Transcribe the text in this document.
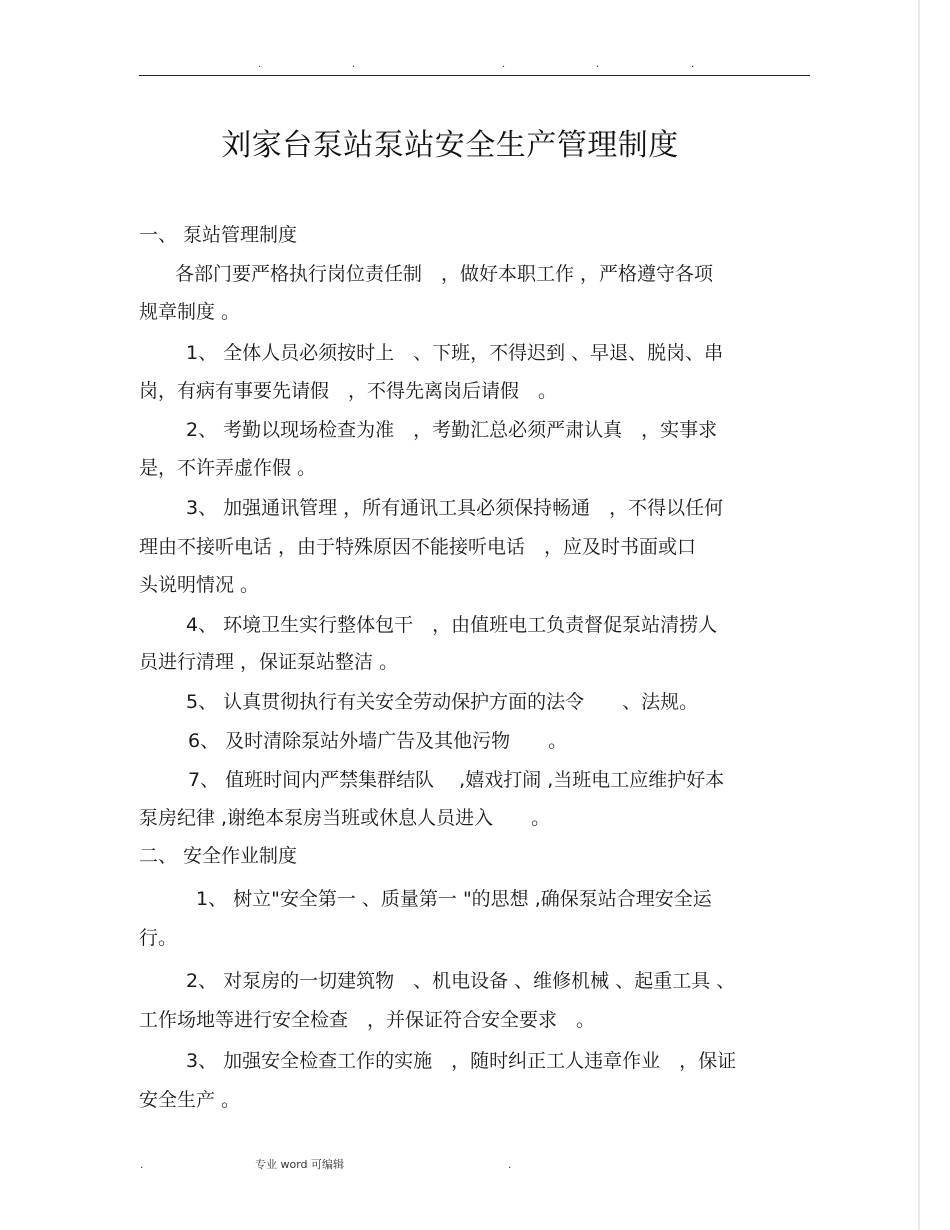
.	.	.	.	.
刘家台泵站泵站安全生产管理制度
一、 泵站管理制度
各部门要严格执行岗位责任制　，做好本职工作 ，严格遵守各项
规章制度 。
1、 全体人员必须按时上　、下班，不得迟到 、早退、脱岗、串
岗，有病有事要先请假　，不得先离岗后请假　。
2、 考勤以现场检查为准　，考勤汇总必须严肃认真　，实事求
是，不许弄虚作假 。
3、 加强通讯管理 ，所有通讯工具必须保持畅通　，不得以任何
理由不接听电话 ，由于特殊原因不能接听电话　，应及时书面或口
头说明情况 。
4、 环境卫生实行整体包干　，由值班电工负责督促泵站清捞人
员进行清理 ，保证泵站整洁 。
5、 认真贯彻执行有关安全劳动保护方面的法令　　、法规。
6、 及时清除泵站外墙广告及其他污物　　。
7、 值班时间内严禁集群结队　 ,嬉戏打闹 ,当班电工应维护好本
泵房纪律 ,谢绝本泵房当班或休息人员进入　　。
二、 安全作业制度
1、 树立"安全第一 、质量第一 "的思想 ,确保泵站合理安全运
行。
2、 对泵房的一切建筑物　、机电设备 、维修机械 、起重工具 、
工作场地等进行安全检查　，并保证符合安全要求　。
3、 加强安全检查工作的实施　，随时纠正工人违章作业　，保证
安全生产 。
.	专业 word 可编辑	.
